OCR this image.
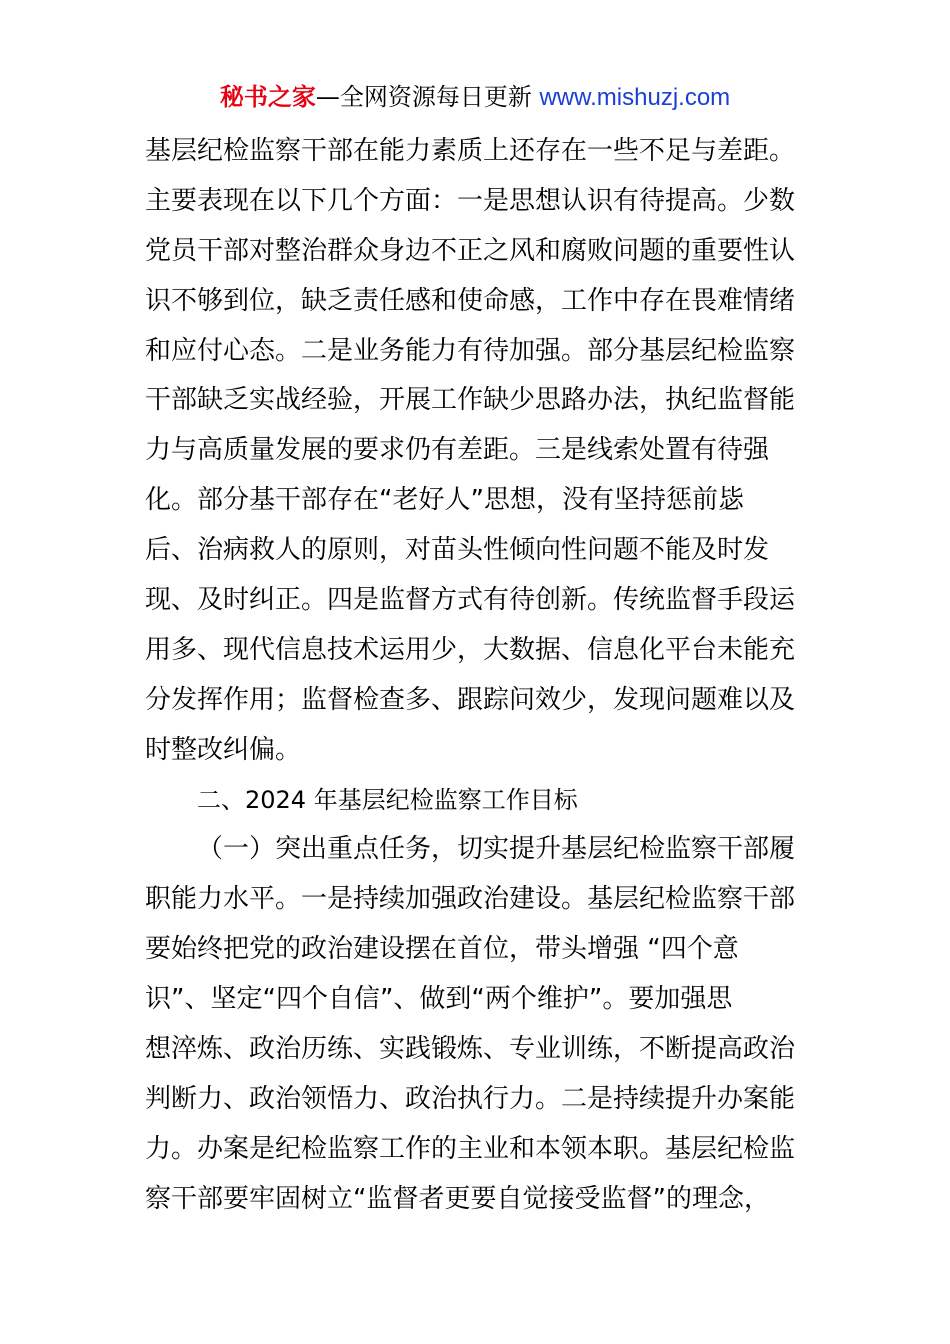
秘书之家—全网资源每日更新 www.mishuzj.com
基层纪检监察干部在能力素质上还存在一些不足与差距。
主要表现在以下几个方面：一是思想认识有待提高。少数
党员干部对整治群众身边不正之风和腐败问题的重要性认
识不够到位，缺乏责任感和使命感，工作中存在畏难情绪
和应付心态。二是业务能力有待加强。部分基层纪检监察
干部缺乏实战经验，开展工作缺少思路办法，执纪监督能
力与高质量发展的要求仍有差距。三是线索处置有待强
化。部分基干部存在“老好人”思想，没有坚持惩前毖
后、治病救人的原则，对苗头性倾向性问题不能及时发
现、及时纠正。四是监督方式有待创新。传统监督手段运
用多、现代信息技术运用少，大数据、信息化平台未能充
分发挥作用；监督检查多、跟踪问效少，发现问题难以及
时整改纠偏。
二、2024 年基层纪检监察工作目标
（一）突出重点任务，切实提升基层纪检监察干部履
职能力水平。一是持续加强政治建设。基层纪检监察干部
要始终把党的政治建设摆在首位，带头增强 “四个意
识”、坚定“四个自信”、做到“两个维护”。要加强思
想淬炼、政治历练、实践锻炼、专业训练，不断提高政治
判断力、政治领悟力、政治执行力。二是持续提升办案能
力。办案是纪检监察工作的主业和本领本职。基层纪检监
察干部要牢固树立“监督者更要自觉接受监督”的理念，
